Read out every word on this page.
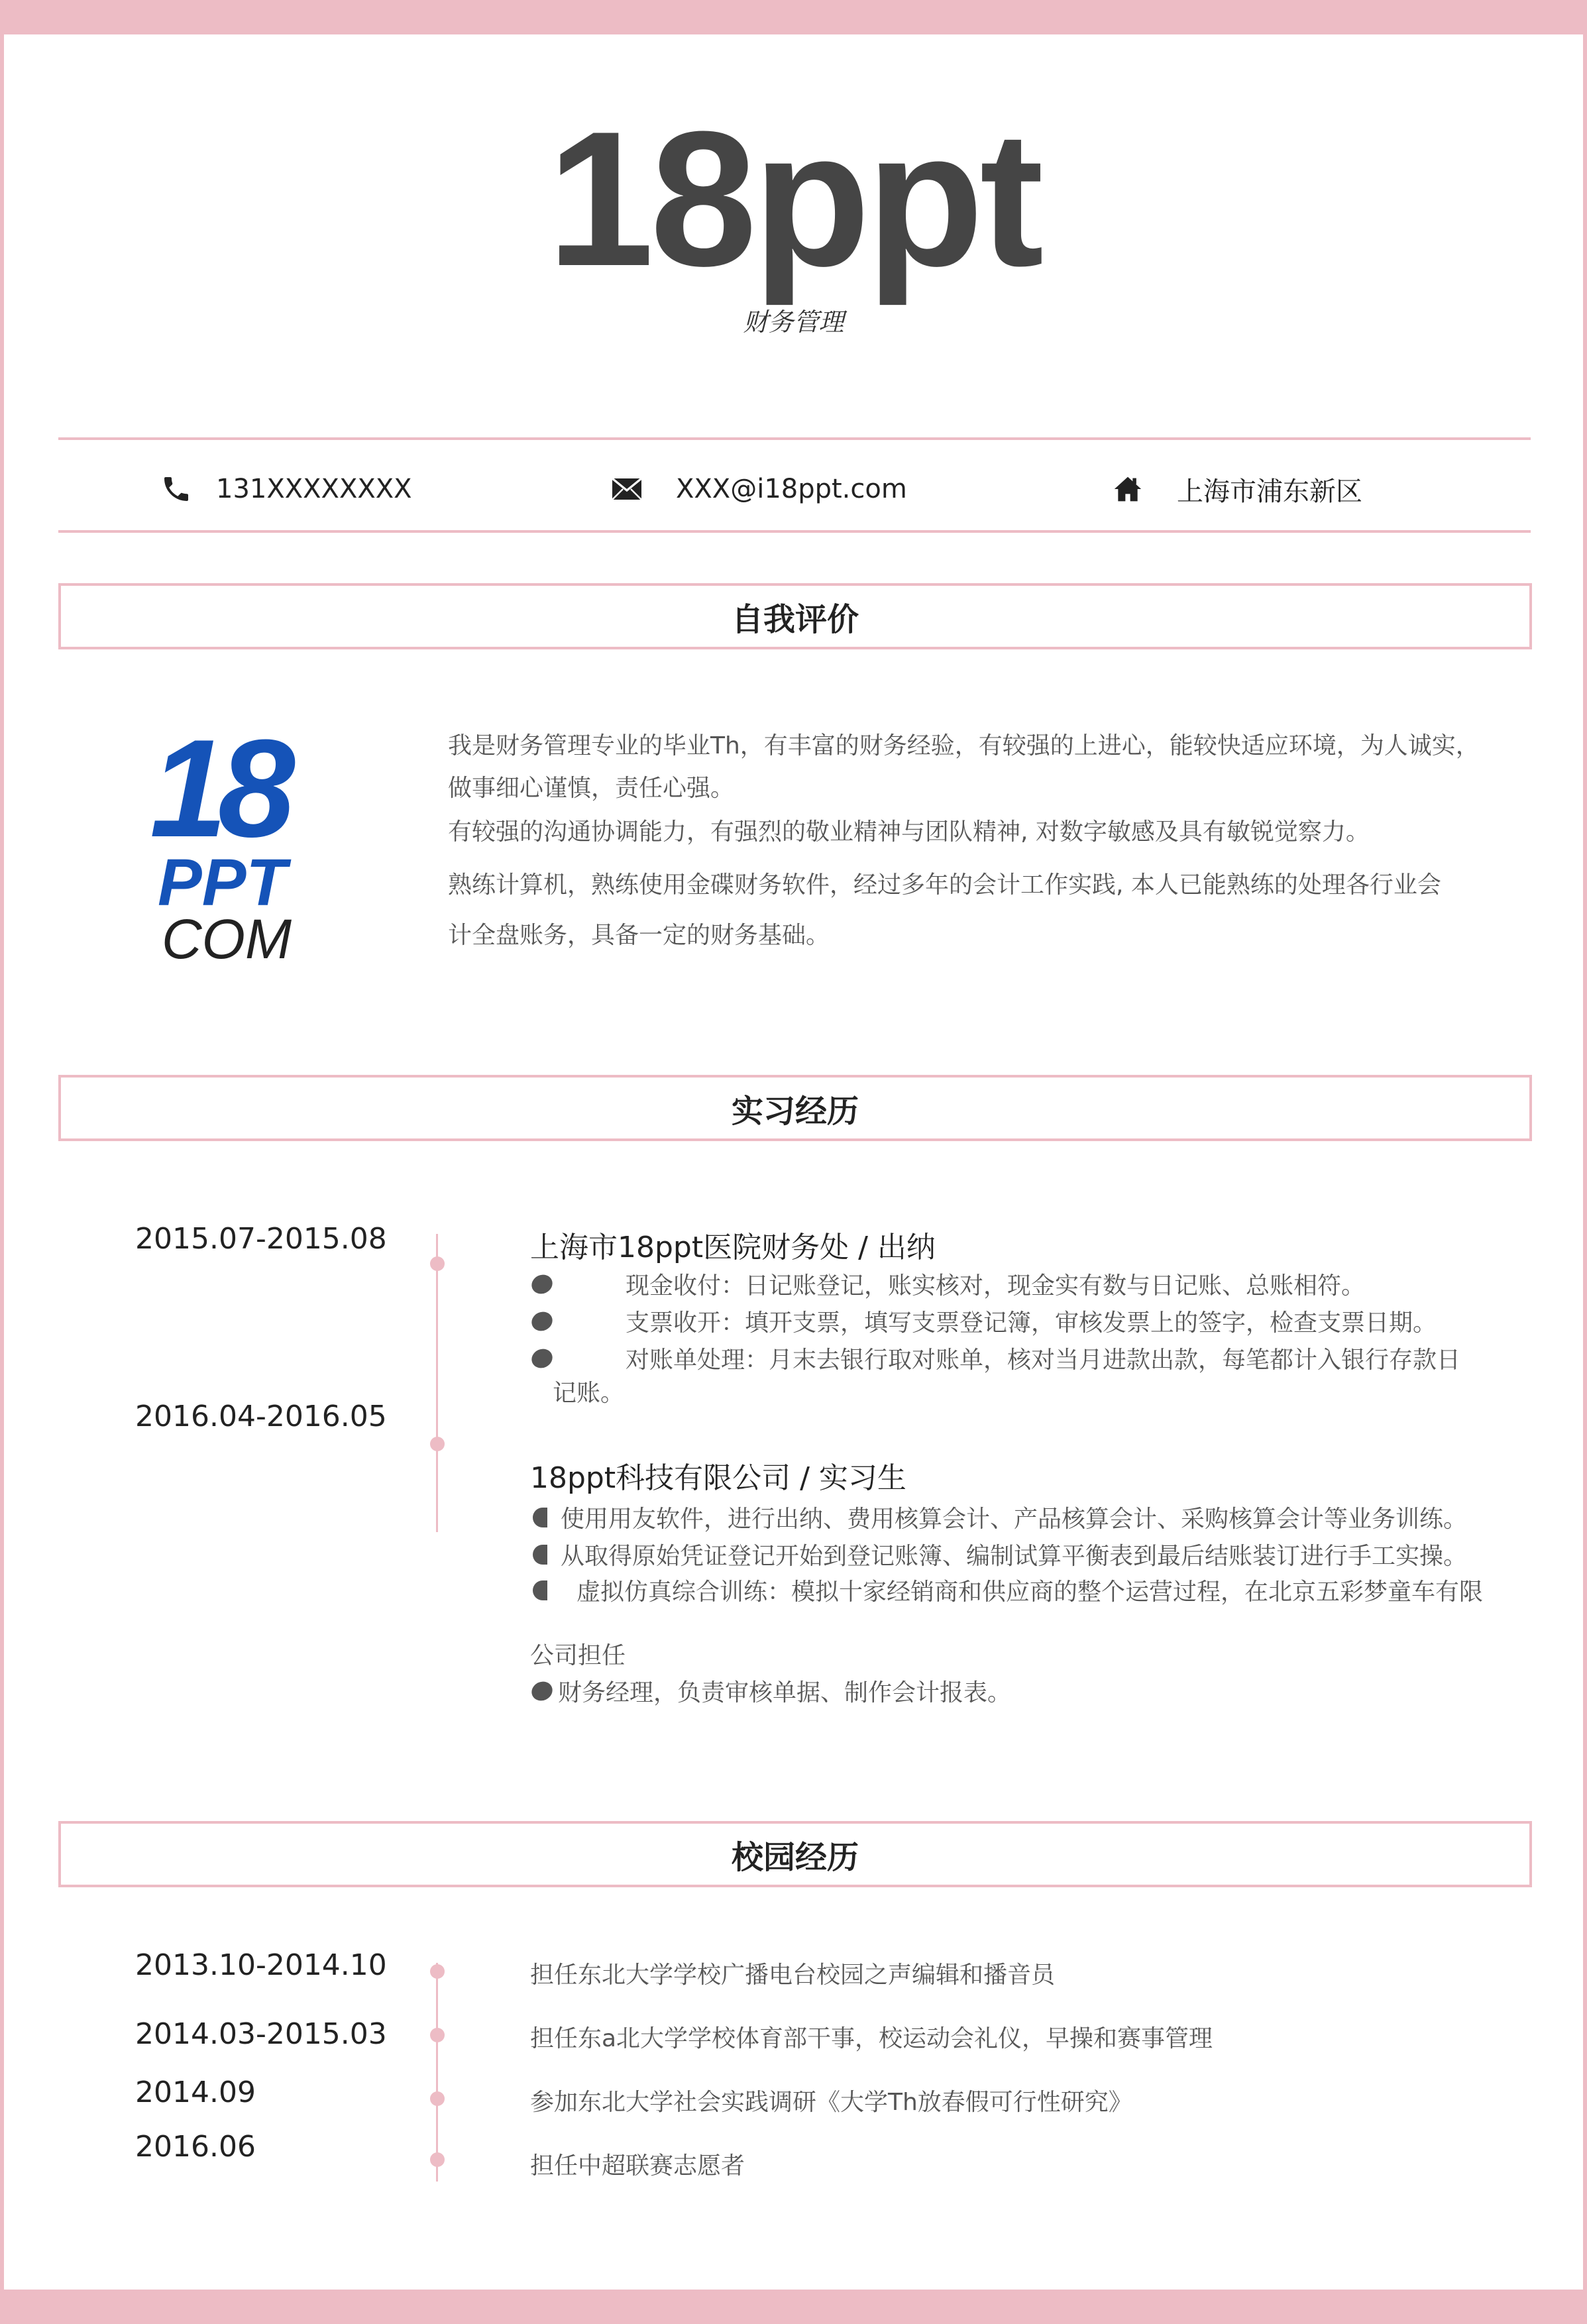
18ppt
财务管理
131XXXXXXXX	XXX@i18ppt.com	上海市浦东新区
自我评价
18
PPT
COM
我是财务管理专业的毕业Th，有丰富的财务经验，有较强的上进心，能较快适应环境，为人诚实，
做事细心谨慎，责任心强。
有较强的沟通协调能力，有强烈的敬业精神与团队精神, 对数字敏感及具有敏锐觉察力。
熟练计算机，熟练使用金碟财务软件，经过多年的会计工作实践, 本人已能熟练的处理各行业会
计全盘账务，具备一定的财务基础。
实习经历
2015.07-2015.08
2016.04-2016.05
上海市18ppt医院财务处 / 出纳
现金收付：日记账登记，账实核对，现金实有数与日记账、总账相符。
支票收开：填开支票，填写支票登记簿，审核发票上的签字，检查支票日期。
对账单处理：月末去银行取对账单，核对当月进款出款，每笔都计入银行存款日
记账。
18ppt科技有限公司 / 实习生
使用用友软件，进行出纳、费用核算会计、产品核算会计、采购核算会计等业务训练。
从取得原始凭证登记开始到登记账簿、编制试算平衡表到最后结账装订进行手工实操。
虚拟仿真综合训练：模拟十家经销商和供应商的整个运营过程，在北京五彩梦童车有限
公司担任
财务经理，负责审核单据、制作会计报表。
校园经历
2013.10-2014.10
2014.03-2015.03
2014.09
2016.06
担任东北大学学校广播电台校园之声编辑和播音员
担任东a北大学学校体育部干事，校运动会礼仪，早操和赛事管理
参加东北大学社会实践调研《大学Th放春假可行性研究》
担任中超联赛志愿者
